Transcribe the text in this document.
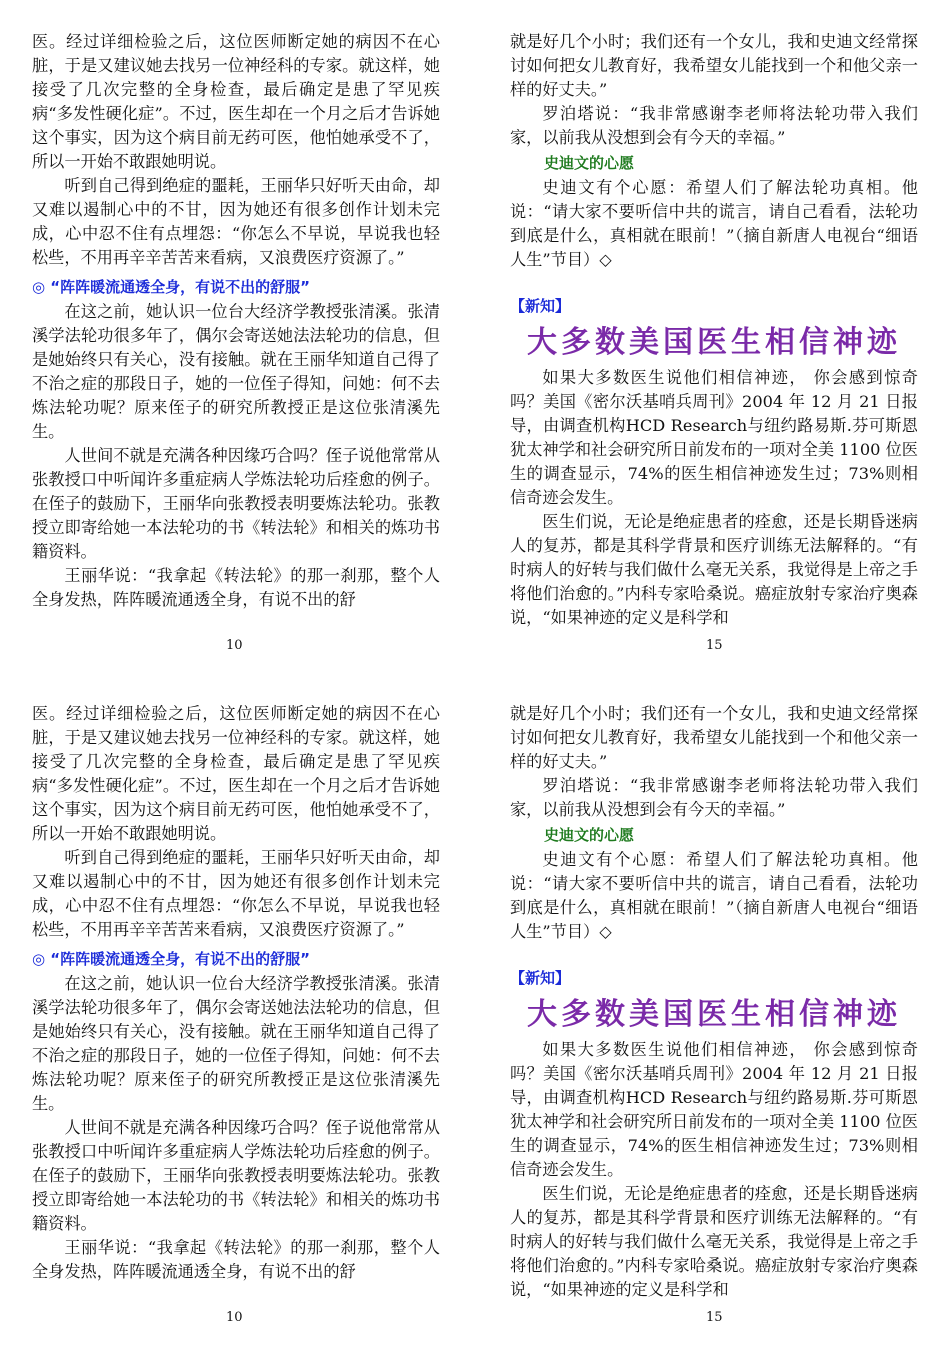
医。经过详细检验之后，这位医师断定她的病因不在心脏，于是又建议她去找另一位神经科的专家。就这样，她接受了几次完整的全身检查，最后确定是患了罕见疾病“多发性硬化症”。不过，医生却在一个月之后才告诉她这个事实，因为这个病目前无药可医，他怕她承受不了，所以一开始不敢跟她明说。

听到自己得到绝症的噩耗，王丽华只好听天由命，却又难以遏制心中的不甘，因为她还有很多创作计划未完成，心中忍不住有点埋怨：“你怎么不早说，早说我也轻松些，不用再辛辛苦苦来看病，又浪费医疗资源了。”

◎ “阵阵暖流通透全身，有说不出的舒服”

在这之前，她认识一位台大经济学教授张清溪。张清溪学法轮功很多年了，偶尔会寄送她法法轮功的信息，但是她始终只有关心，没有接触。就在王丽华知道自己得了不治之症的那段日子，她的一位侄子得知，问她：何不去炼法轮功呢？原来侄子的研究所教授正是这位张清溪先生。

人世间不就是充满各种因缘巧合吗？侄子说他常常从张教授口中听闻许多重症病人学炼法轮功后痊愈的例子。在侄子的鼓励下，王丽华向张教授表明要炼法轮功。张教授立即寄给她一本法轮功的书《转法轮》和相关的炼功书籍资料。

王丽华说：“我拿起《转法轮》的那一刹那，整个人全身发热，阵阵暖流通透全身，有说不出的舒

10

就是好几个小时；我们还有一个女儿，我和史迪文经常探讨如何把女儿教育好，我希望女儿能找到一个和他父亲一样的好丈夫。”

罗泊塔说：“我非常感谢李老师将法轮功带入我们家，以前我从没想到会有今天的幸福。”

史迪文的心愿

史迪文有个心愿：希望人们了解法轮功真相。他说：“请大家不要听信中共的谎言，请自己看看，法轮功到底是什么，真相就在眼前！”（摘自新唐人电视台“细语人生”节目）◇

【新知】
大多数美国医生相信神迹

如果大多数医生说他们相信神迹， 你会感到惊奇吗？美国《密尔沃基哨兵周刊》2004 年 12 月 21 日报导，由调查机构HCD Research与纽约路易斯.芬可斯恩犹太神学和社会研究所日前发布的一项对全美 1100 位医生的调查显示，74%的医生相信神迹发生过；73%则相信奇迹会发生。

医生们说，无论是绝症患者的痊愈，还是长期昏迷病人的复苏，都是其科学背景和医疗训练无法解释的。“有时病人的好转与我们做什么毫无关系，我觉得是上帝之手将他们治愈的。”内科专家哈桑说。癌症放射专家治疗奥森说，“如果神迹的定义是科学和

15

医。经过详细检验之后，这位医师断定她的病因不在心脏，于是又建议她去找另一位神经科的专家。就这样，她接受了几次完整的全身检查，最后确定是患了罕见疾病“多发性硬化症”。不过，医生却在一个月之后才告诉她这个事实，因为这个病目前无药可医，他怕她承受不了，所以一开始不敢跟她明说。

听到自己得到绝症的噩耗，王丽华只好听天由命，却又难以遏制心中的不甘，因为她还有很多创作计划未完成，心中忍不住有点埋怨：“你怎么不早说，早说我也轻松些，不用再辛辛苦苦来看病，又浪费医疗资源了。”

◎ “阵阵暖流通透全身，有说不出的舒服”

在这之前，她认识一位台大经济学教授张清溪。张清溪学法轮功很多年了，偶尔会寄送她法法轮功的信息，但是她始终只有关心，没有接触。就在王丽华知道自己得了不治之症的那段日子，她的一位侄子得知，问她：何不去炼法轮功呢？原来侄子的研究所教授正是这位张清溪先生。

人世间不就是充满各种因缘巧合吗？侄子说他常常从张教授口中听闻许多重症病人学炼法轮功后痊愈的例子。在侄子的鼓励下，王丽华向张教授表明要炼法轮功。张教授立即寄给她一本法轮功的书《转法轮》和相关的炼功书籍资料。

王丽华说：“我拿起《转法轮》的那一刹那，整个人全身发热，阵阵暖流通透全身，有说不出的舒

10

就是好几个小时；我们还有一个女儿，我和史迪文经常探讨如何把女儿教育好，我希望女儿能找到一个和他父亲一样的好丈夫。”

罗泊塔说：“我非常感谢李老师将法轮功带入我们家，以前我从没想到会有今天的幸福。”

史迪文的心愿

史迪文有个心愿：希望人们了解法轮功真相。他说：“请大家不要听信中共的谎言，请自己看看，法轮功到底是什么，真相就在眼前！”（摘自新唐人电视台“细语人生”节目）◇

【新知】
大多数美国医生相信神迹

如果大多数医生说他们相信神迹， 你会感到惊奇吗？美国《密尔沃基哨兵周刊》2004 年 12 月 21 日报导，由调查机构HCD Research与纽约路易斯.芬可斯恩犹太神学和社会研究所日前发布的一项对全美 1100 位医生的调查显示，74%的医生相信神迹发生过；73%则相信奇迹会发生。

医生们说，无论是绝症患者的痊愈，还是长期昏迷病人的复苏，都是其科学背景和医疗训练无法解释的。“有时病人的好转与我们做什么毫无关系，我觉得是上帝之手将他们治愈的。”内科专家哈桑说。癌症放射专家治疗奥森说，“如果神迹的定义是科学和

15
